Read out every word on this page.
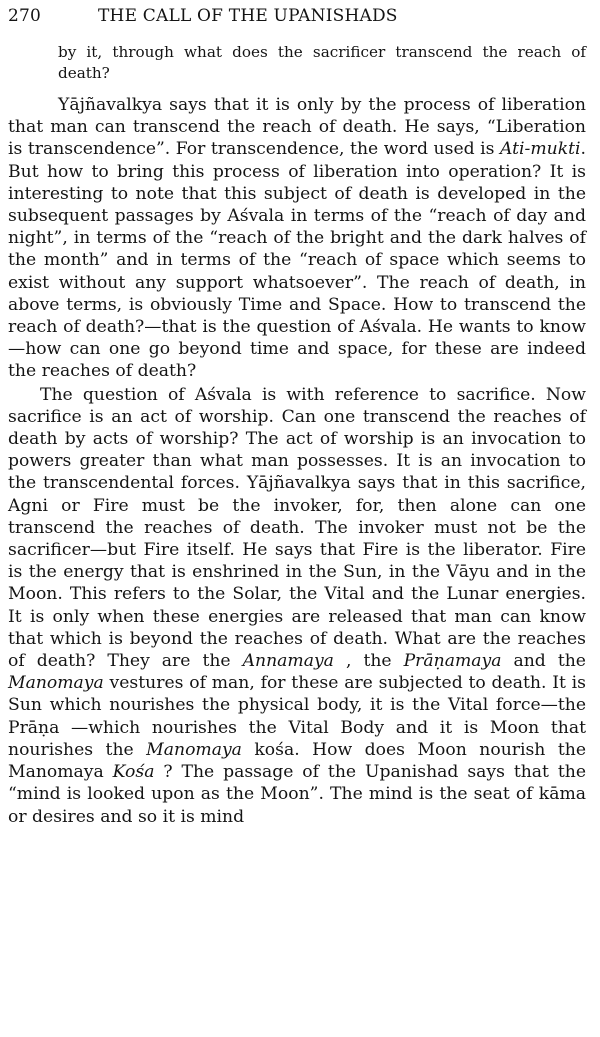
270	THE CALL OF THE UPANISHADS

by it, through what does the sacrificer transcend the reach of death?

Yājñavalkya says that it is only by the process of liberation that man can transcend the reach of death. He says, “Liberation is transcendence”. For transcendence, the word used is Ati-mukti. But how to bring this process of liberation into operation? It is interesting to note that this subject of death is developed in the subsequent passages by Aśvala in terms of the “reach of day and night”, in terms of the “reach of the bright and the dark halves of the month” and in terms of the “reach of space which seems to exist without any support whatsoever”. The reach of death, in above terms, is obviously Time and Space. How to transcend the reach of death?—that is the question of Aśvala. He wants to know—how can one go beyond time and space, for these are indeed the reaches of death?

The question of Aśvala is with reference to sacrifice. Now sacrifice is an act of worship. Can one transcend the reaches of death by acts of worship? The act of worship is an invocation to powers greater than what man possesses. It is an invocation to the transcendental forces. Yājñavalkya says that in this sacrifice, Agni or Fire must be the invoker, for, then alone can one transcend the reaches of death. The invoker must not be the sacrificer—but Fire itself. He says that Fire is the liberator. Fire is the energy that is enshrined in the Sun, in the Vāyu and in the Moon. This refers to the Solar, the Vital and the Lunar energies. It is only when these energies are released that man can know that which is beyond the reaches of death. What are the reaches of death? They are the Annamaya , the Prāṇamaya and the Manomaya vestures of man, for these are subjected to death. It is Sun which nourishes the physical body, it is the Vital force—the Prāṇa —which nourishes the Vital Body and it is Moon that nourishes the Manomaya kośa. How does Moon nourish the Manomaya Kośa ? The passage of the Upanishad says that the “mind is looked upon as the Moon”. The mind is the seat of kāma or desires and so it is mind
